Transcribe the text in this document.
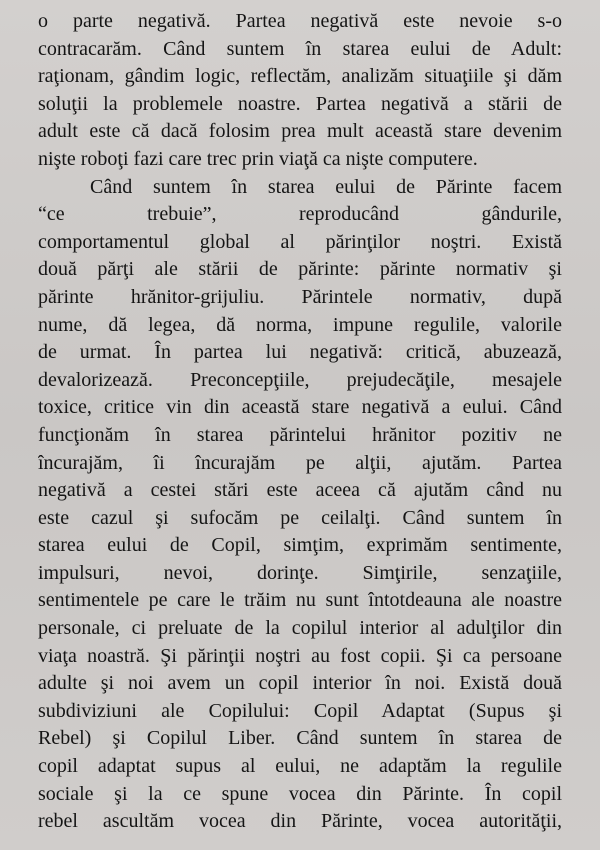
o parte negativă. Partea negativă este nevoie s-o
contracarăm. Când suntem în starea eului de Adult:
raţionam, gândim logic, reflectăm, analizăm situaţiile şi dăm
soluţii la problemele noastre. Partea negativă a stării de
adult este că dacă folosim prea mult această stare devenim
nişte roboţi fazi care trec prin viaţă ca nişte computere.
Când suntem în starea eului de Părinte facem
“ce trebuie”, reproducând gândurile,
comportamentul global al părinţilor noştri. Există
două părţi ale stării de părinte: părinte normativ şi
părinte hrănitor-grijuliu. Părintele normativ, după
nume, dă legea, dă norma, impune regulile, valorile
de urmat. În partea lui negativă: critică, abuzează,
devalorizează. Preconcepţiile, prejudecăţile, mesajele
toxice, critice vin din această stare negativă a eului. Când
funcţionăm în starea părintelui hrănitor pozitiv ne
încurajăm, îi încurajăm pe alţii, ajutăm. Partea
negativă a cestei stări este aceea că ajutăm când nu
este cazul şi sufocăm pe ceilalţi. Când suntem în
starea eului de Copil, simţim, exprimăm sentimente,
impulsuri, nevoi, dorinţe. Simţirile, senzaţiile,
sentimentele pe care le trăim nu sunt întotdeauna ale noastre
personale, ci preluate de la copilul interior al adulţilor din
viaţa noastră. Şi părinţii noştri au fost copii. Şi ca persoane
adulte şi noi avem un copil interior în noi. Există două
subdiviziuni ale Copilului: Copil Adaptat (Supus şi
Rebel) şi Copilul Liber. Când suntem în starea de
copil adaptat supus al eului, ne adaptăm la regulile
sociale şi la ce spune vocea din Părinte. În copil
rebel ascultăm vocea din Părinte, vocea autorităţii,
